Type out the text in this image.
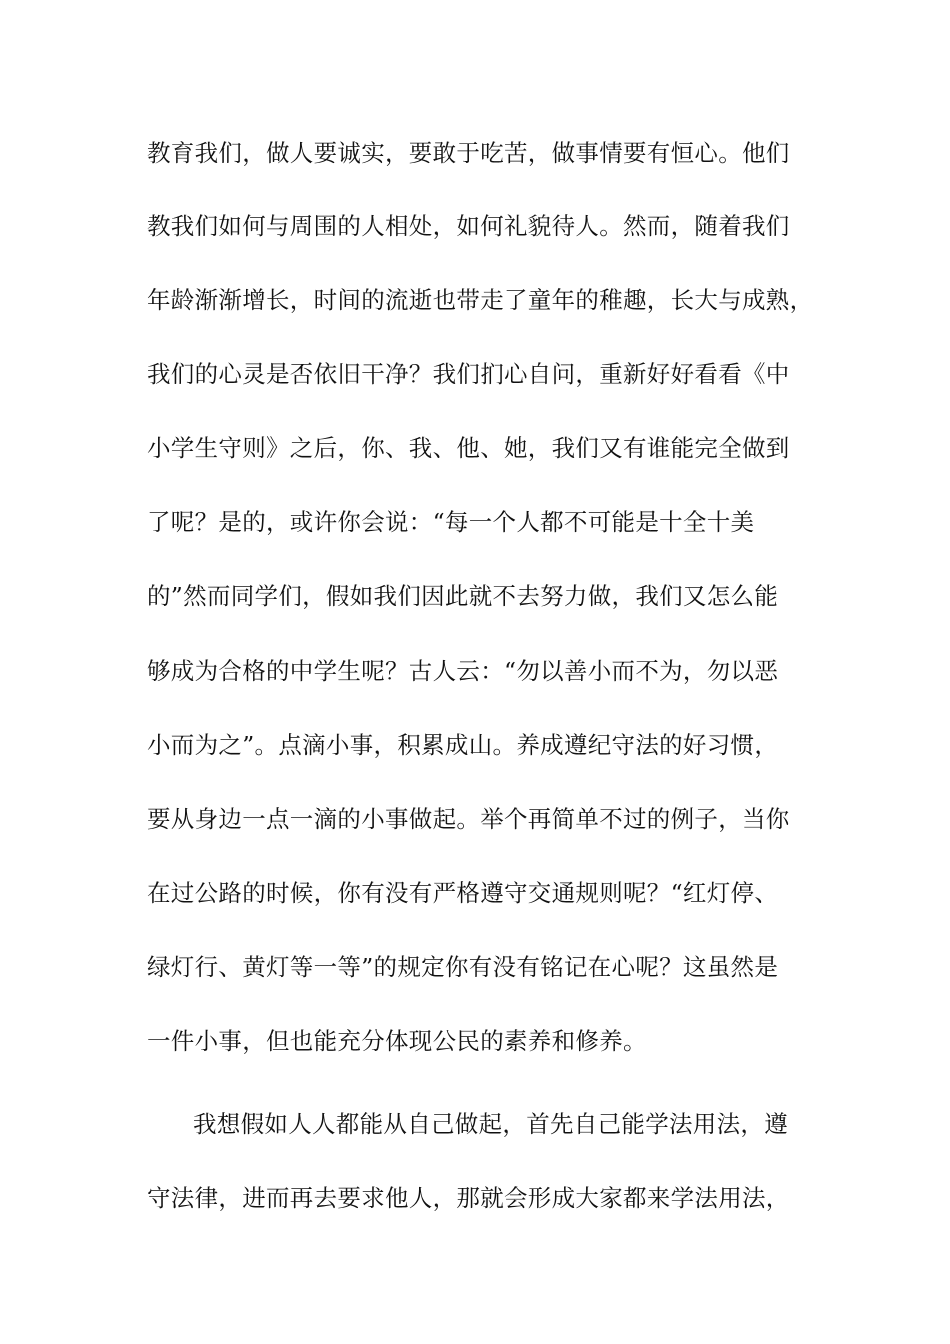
教育我们，做人要诚实，要敢于吃苦，做事情要有恒心。他们
教我们如何与周围的人相处，如何礼貌待人。然而，随着我们
年龄渐渐增长，时间的流逝也带走了童年的稚趣，长大与成熟，
我们的心灵是否依旧干净？我们扪心自问，重新好好看看《中
小学生守则》之后，你、我、他、她，我们又有谁能完全做到
了呢？是的，或许你会说：“每一个人都不可能是十全十美
的”然而同学们，假如我们因此就不去努力做，我们又怎么能
够成为合格的中学生呢？古人云：“勿以善小而不为，勿以恶
小而为之”。点滴小事，积累成山。养成遵纪守法的好习惯，
要从身边一点一滴的小事做起。举个再简单不过的例子，当你
在过公路的时候，你有没有严格遵守交通规则呢？“红灯停、
绿灯行、黄灯等一等”的规定你有没有铭记在心呢？这虽然是
一件小事，但也能充分体现公民的素养和修养。
我想假如人人都能从自己做起，首先自己能学法用法，遵
守法律，进而再去要求他人，那就会形成大家都来学法用法，
